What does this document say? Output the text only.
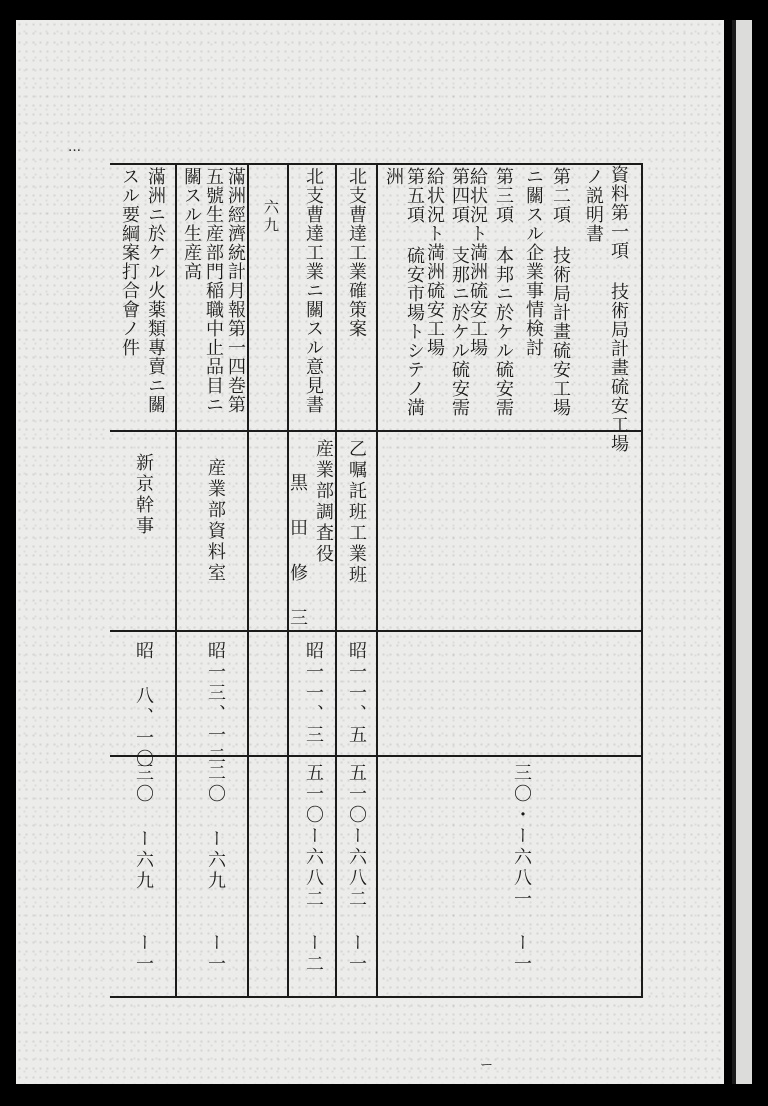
…
資料第一項 技術局計畫硫安工場
ノ説明書
第二項 技術局計畫硫安工場
ニ關スル企業事情検討
第三項 本邦ニ於ケル硫安需
給状況ト満洲硫安工場
第四項 支那ニ於ケル硫安需
給状況ト満洲硫安工場
第五項 硫安市場トシテノ満
洲
三〇・ー六八一
ー一
北支曹達工業確策案
乙嘱託班工業班
昭一一、五
五一〇ー六八二
ー一
北支曹達工業ニ關スル意見書
産業部調査役
黒 田 修 三
昭一一、三
五一〇ー六八二
ー二
六九
滿洲經濟統計月報第一四巻第
五號生産部門稲職中止品目ニ
關スル生産高
産業部資料室
昭一三、一二
二〇 ー六九
ー一
滿洲ニ於ケル火薬類專賣ニ關
スル要綱案打合會ノ件
新京幹事
昭 八、一〇
三〇 ー六九
ー一
ー
